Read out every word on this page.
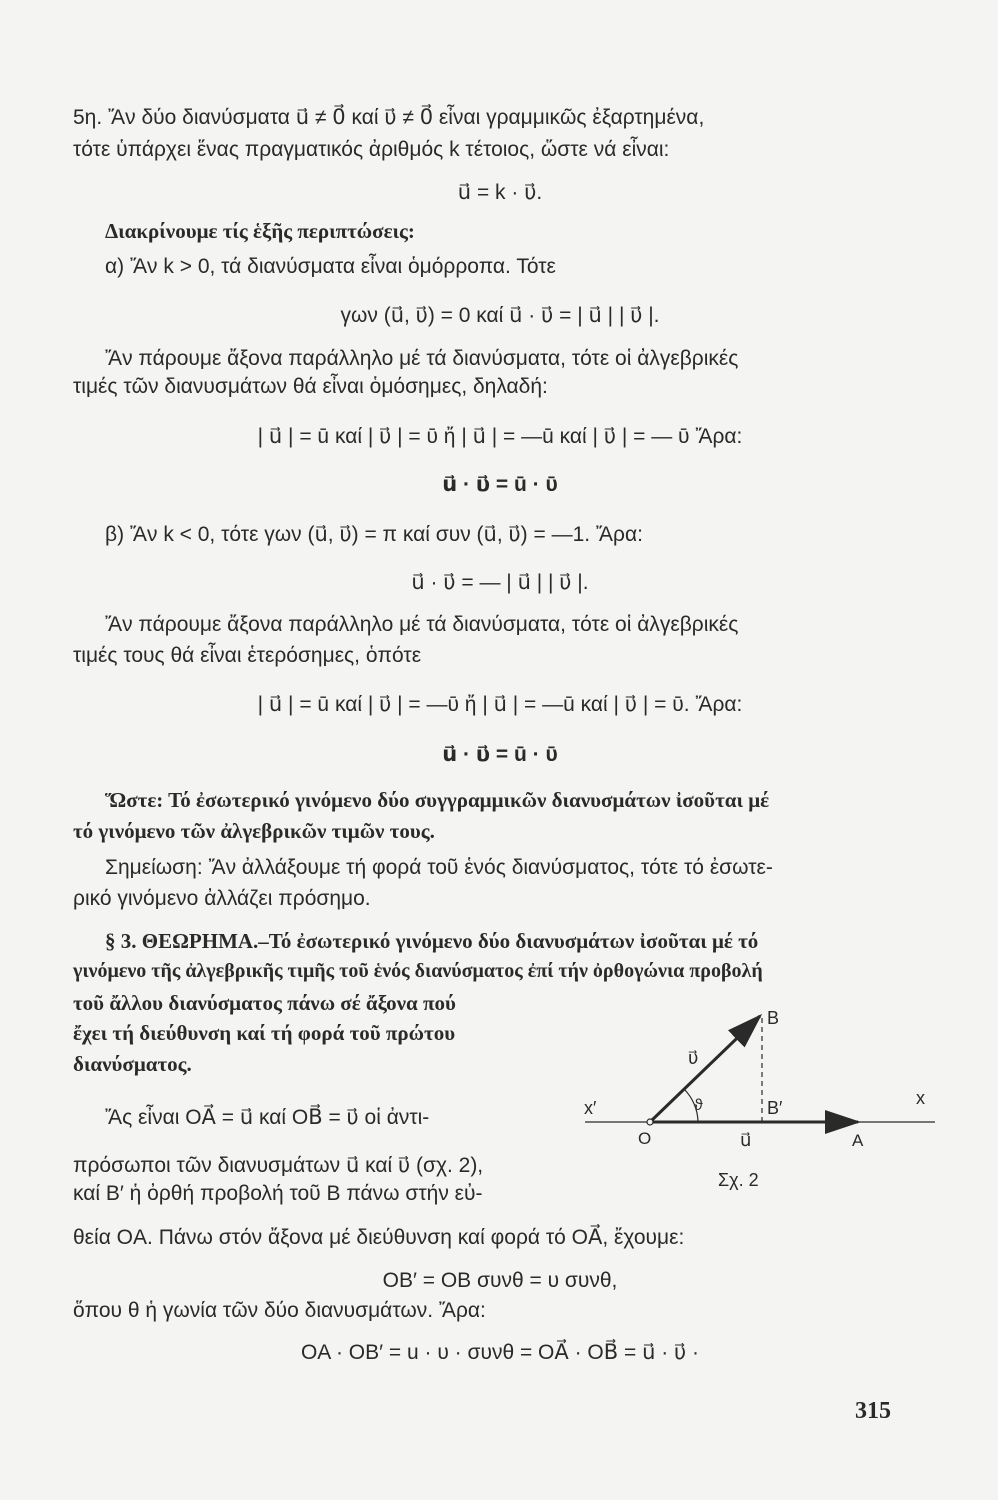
5η. Ἄν δύο διανύσματα u⃗ ≠ 0⃗ καί υ⃗ ≠ 0⃗ εἶναι γραμμικῶς ἐξαρτημένα,
τότε ὑπάρχει ἕνας πραγματικός ἀριθμός k τέτοιος, ὥστε νά εἶναι:
u⃗ = k · υ⃗.
Διακρίνουμε τίς ἑξῆς περιπτώσεις:
α) Ἄν k > 0, τά διανύσματα εἶναι ὁμόρροπα. Τότε
γων (u⃗, υ⃗) = 0 καί u⃗ · υ⃗ = | u⃗ | | υ⃗ |.
Ἄν πάρουμε ἄξονα παράλληλο μέ τά διανύσματα, τότε οἱ ἀλγεβρικές
τιμές τῶν διανυσμάτων θά εἶναι ὁμόσημες, δηλαδή:
| u⃗ | = ū καί | υ⃗ | = ῡ ἤ | u⃗ | = —ū καί | υ⃗ | = — ῡ Ἄρα:
u⃗ · υ⃗ = ū · ῡ
β) Ἄν k < 0, τότε γων (u⃗, υ⃗) = π καί συν (u⃗, υ⃗) = —1. Ἄρα:
u⃗ · υ⃗ = — | u⃗ | | υ⃗ |.
Ἄν πάρουμε ἄξονα παράλληλο μέ τά διανύσματα, τότε οἱ ἀλγεβρικές
τιμές τους θά εἶναι ἑτερόσημες, ὁπότε
| u⃗ | = ū καί | υ⃗ | = —ῡ ἤ | u⃗ | = —ū καί | υ⃗ | = ῡ. Ἄρα:
u⃗ · υ⃗ = ū · ῡ
Ὥστε: Τό ἐσωτερικό γινόμενο δύο συγγραμμικῶν διανυσμάτων ἰσοῦται μέ
τό γινόμενο τῶν ἀλγεβρικῶν τιμῶν τους.
Σημείωση: Ἄν ἀλλάξουμε τή φορά τοῦ ἑνός διανύσματος, τότε τό ἐσωτε-
ρικό γινόμενο ἀλλάζει πρόσημο.
§ 3. ΘΕΩΡΗΜΑ.–Τό ἐσωτερικό γινόμενο δύο διανυσμάτων ἰσοῦται μέ τό
γινόμενο τῆς ἀλγεβρικῆς τιμῆς τοῦ ἑνός διανύσματος ἐπί τήν ὀρθογώνια προβολή
τοῦ ἄλλου διανύσματος πάνω σέ ἄξονα πού
ἔχει τή διεύθυνση καί τή φορά τοῦ πρώτου
διανύσματος.
Ἄς εἶναι OA⃗ = u⃗ καί OB⃗ = υ⃗ οἱ ἀντι-
πρόσωποι τῶν διανυσμάτων u⃗ καί υ⃗ (σχ. 2),
καί B′ ἡ ὀρθή προβολή τοῦ B πάνω στήν εὐ-
θεία OA. Πάνω στόν ἄξονα μέ διεύθυνση καί φορά τό OA⃗, ἔχουμε:
OB′ = OB συνθ = υ συνθ,
ὅπου θ ἡ γωνία τῶν δύο διανυσμάτων. Ἄρα:
OA · OB′ = u · υ · συνθ = OA⃗ · OB⃗ = u⃗ · υ⃗ ·
B
B′	x
x′
O	A
u⃗
υ⃗
ϑ
Σχ. 2
315
